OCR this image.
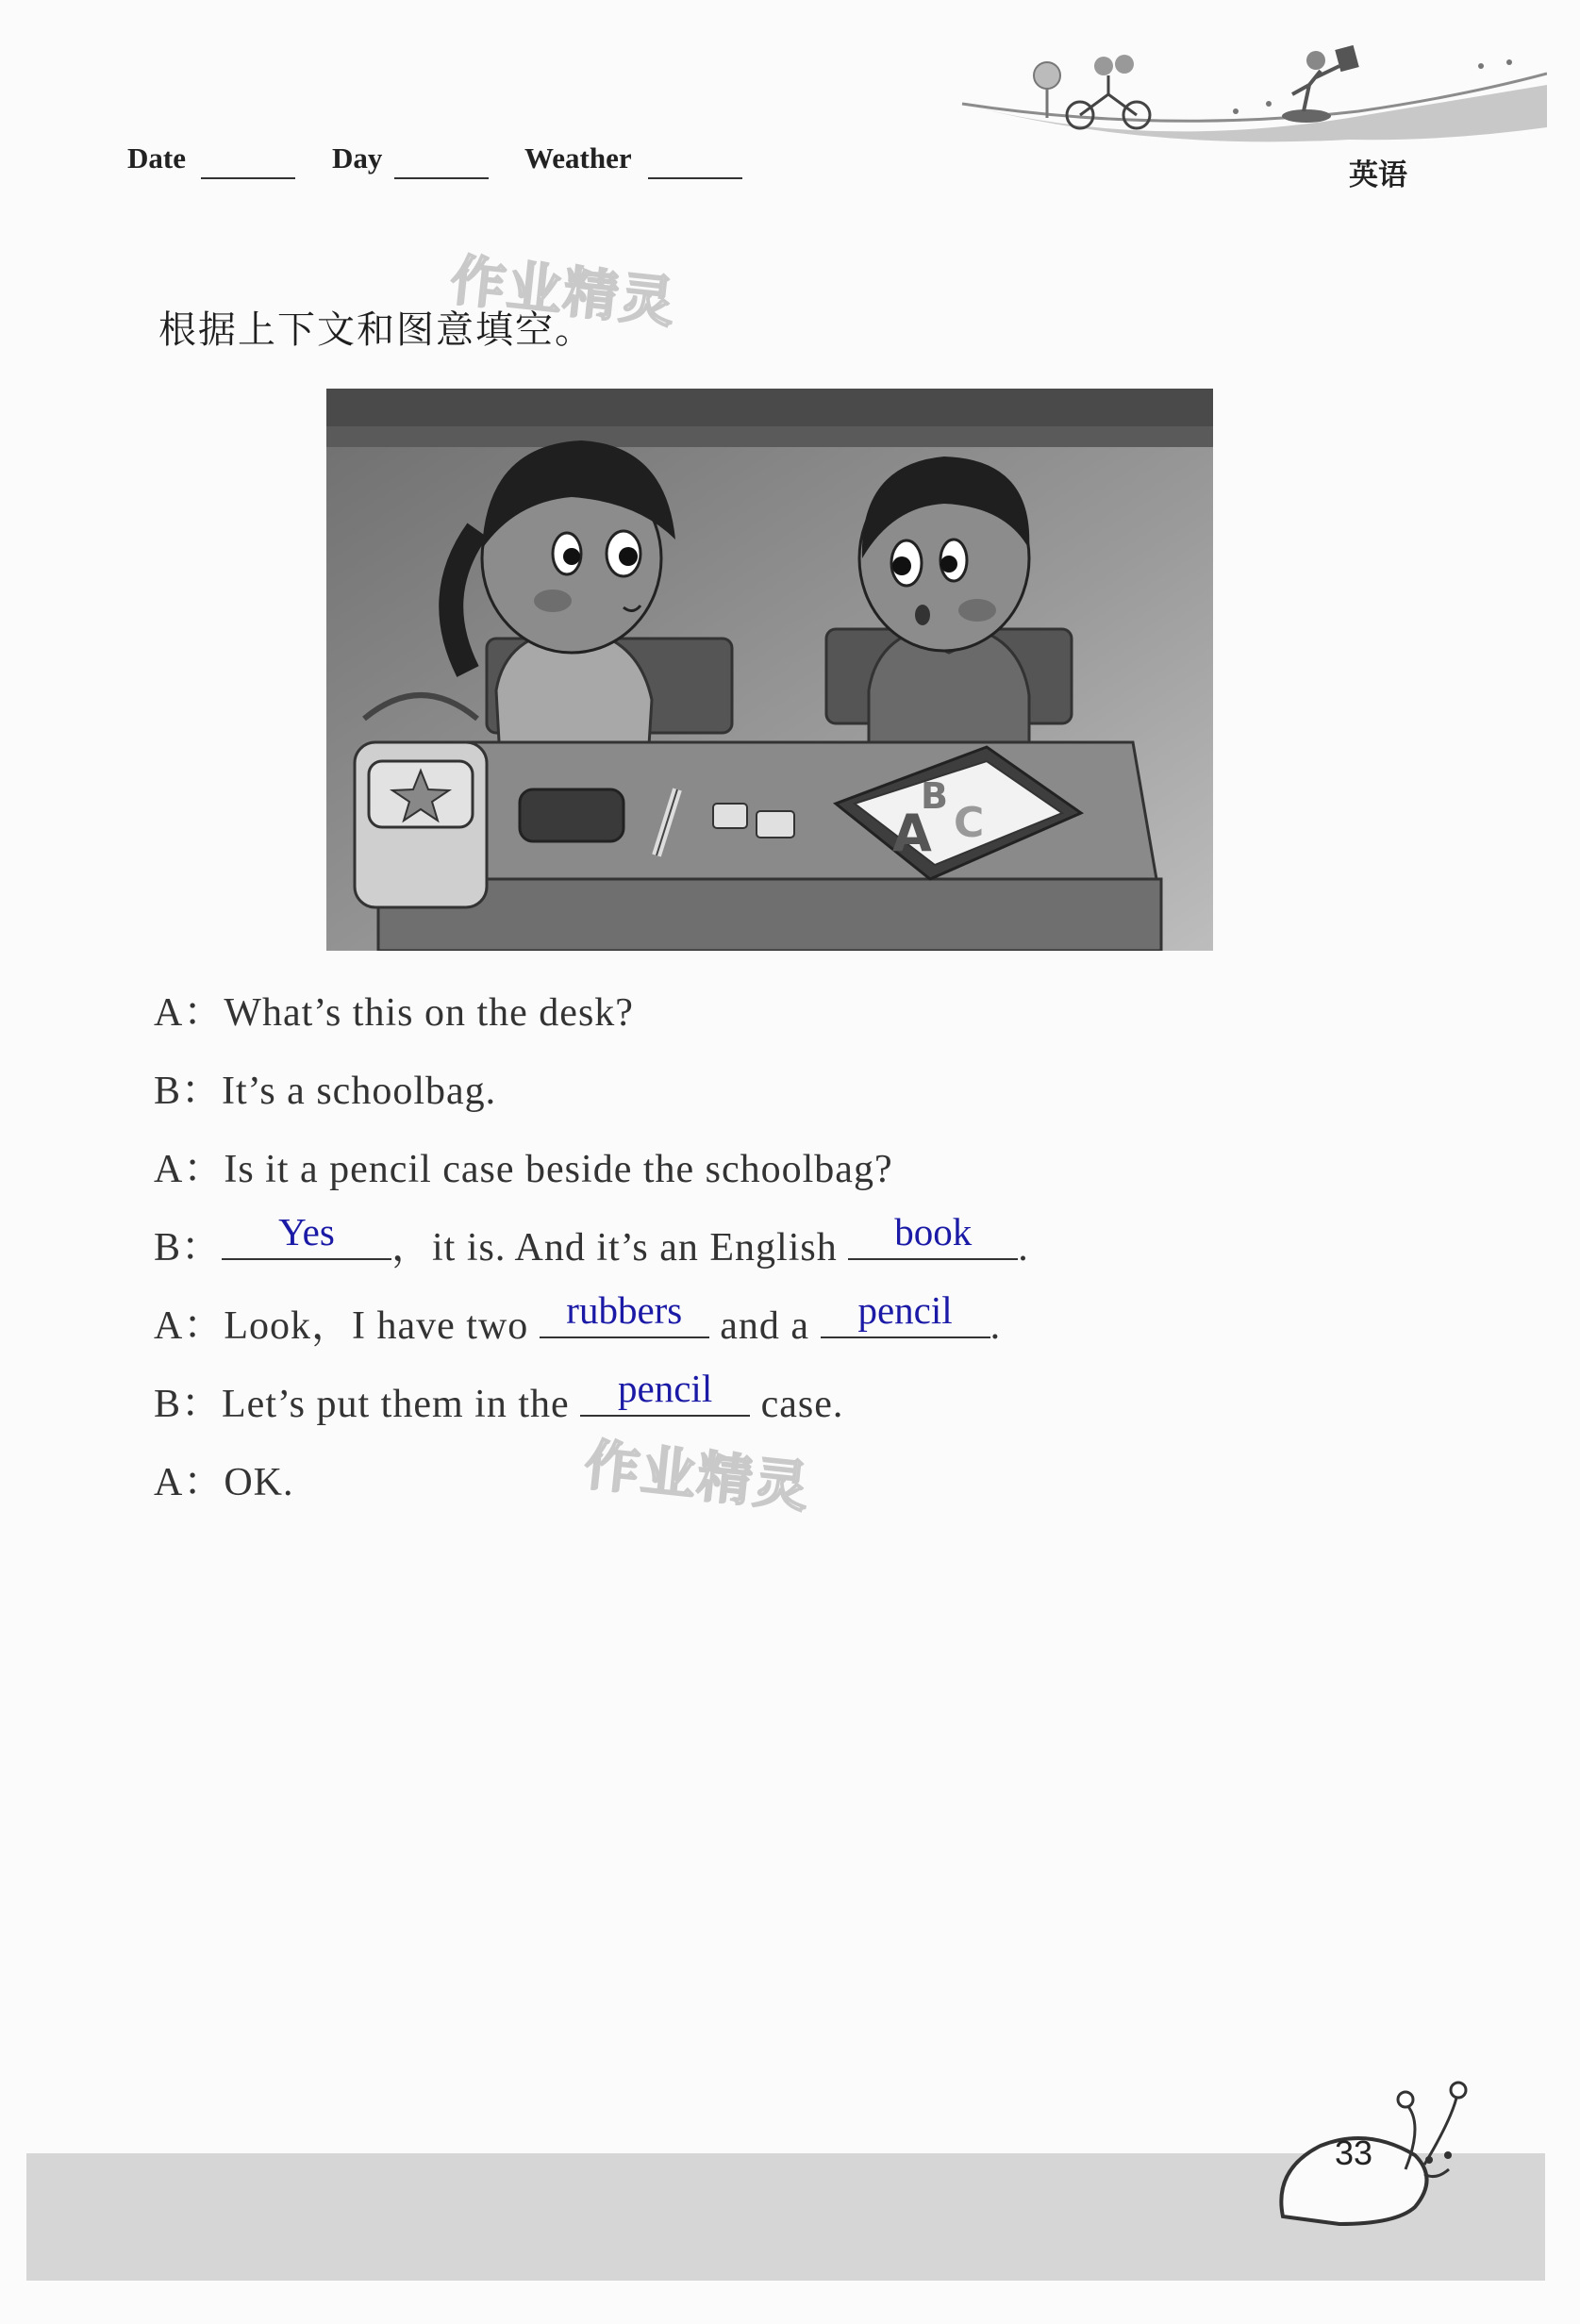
Date	Day	Weather
英语
根据上下文和图意填空。
作业精灵
A
B
C
A：What’s this on the desk?
B：It’s a schoolbag.
A：Is it a pencil case beside the schoolbag?
B：	Yes	，it is. And it’s an English	book	.
A：Look，I have two rubbers and a	pencil .
B：Let’s put them in the	pencil	case.
A：OK.	作业精灵
33
